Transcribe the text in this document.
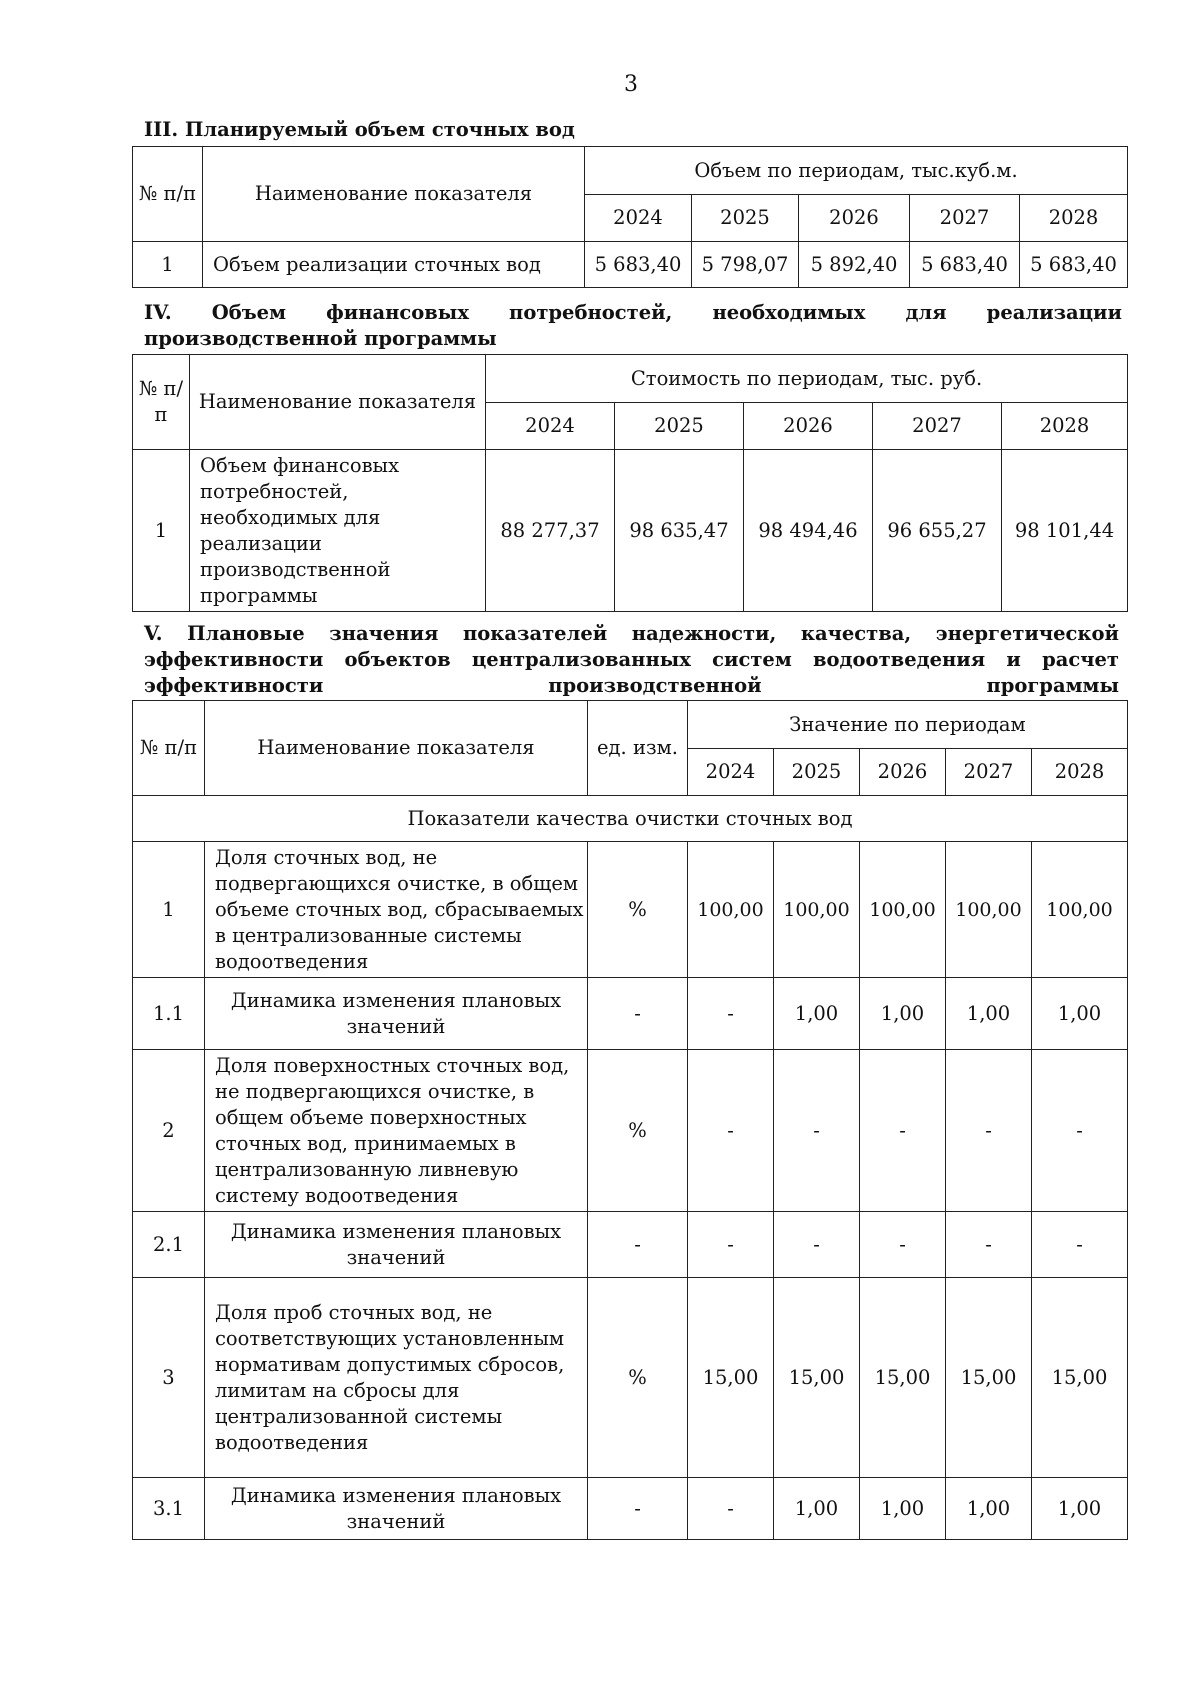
3
III. Планируемый объем сточных вод
№ п/п	Наименование показателя	Объем по периодам, тыс.куб.м.				
		2024	2025	2026	2027	2028
1	Объем реализации сточных вод	5 683,40	5 798,07	5 892,40	5 683,40	5 683,40
IV. Объем финансовых потребностей, необходимых для реализации производственной программы
№ п/п	Наименование показателя	Стоимость по периодам, тыс. руб.				
		2024	2025	2026	2027	2028
1	Объем финансовых потребностей, необходимых для реализации производственной программы	88 277,37	98 635,47	98 494,46	96 655,27	98 101,44
V. Плановые значения показателей надежности, качества, энергетической эффективности объектов централизованных систем водоотведения и расчет эффективности производственной программы
№ п/п	Наименование показателя	ед. изм.	Значение по периодам				
			2024	2025	2026	2027	2028
Показатели качества очистки сточных вод							
1	Доля сточных вод, не подвергающихся очистке, в общем объеме сточных вод, сбрасываемых в централизованные системы водоотведения	%	100,00	100,00	100,00	100,00	100,00
1.1	Динамика изменения плановых значений	-	-	1,00	1,00	1,00	1,00
2	Доля поверхностных сточных вод, не подвергающихся очистке, в общем объеме поверхностных сточных вод, принимаемых в централизованную ливневую систему водоотведения	%	-	-	-	-	-
2.1	Динамика изменения плановых значений	-	-	-	-	-	-
3	Доля проб сточных вод, не соответствующих установленным нормативам допустимых сбросов, лимитам на сбросы для централизованной системы водоотведения	%	15,00	15,00	15,00	15,00	15,00
3.1	Динамика изменения плановых значений	-	-	1,00	1,00	1,00	1,00
